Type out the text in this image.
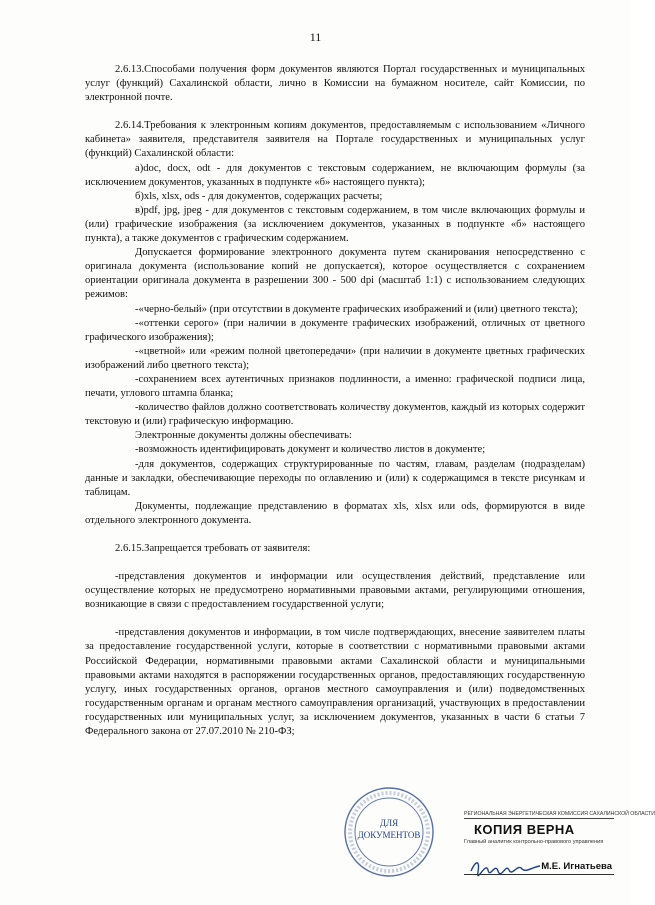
11

2.6.13.Способами получения форм документов являются Портал государственных и муниципальных услуг (функций) Сахалинской области, лично в Комиссии на бумажном носителе, сайт Комиссии, по электронной почте.

2.6.14.Требования к электронным копиям документов, предоставляемым с использованием «Личного кабинета» заявителя, представителя заявителя на Портале государственных и муниципальных услуг (функций) Сахалинской области:

а)doc, docx, odt - для документов с текстовым содержанием, не включающим формулы (за исключением документов, указанных в подпункте «б» настоящего пункта);

б)xls, xlsx, ods - для документов, содержащих расчеты;

в)pdf, jpg, jpeg - для документов с текстовым содержанием, в том числе включающих формулы и (или) графические изображения (за исключением документов, указанных в подпункте «б» настоящего пункта), а также документов с графическим содержанием.

Допускается формирование электронного документа путем сканирования непосредственно с оригинала документа (использование копий не допускается), которое осуществляется с сохранением ориентации оригинала документа в разрешении 300 - 500 dpi (масштаб 1:1) с использованием следующих режимов:

-«черно-белый» (при отсутствии в документе графических изображений и (или) цветного текста);

-«оттенки серого» (при наличии в документе графических изображений, отличных от цветного графического изображения);

-«цветной» или «режим полной цветопередачи» (при наличии в документе цветных графических изображений либо цветного текста);

-сохранением всех аутентичных признаков подлинности, а именно: графической подписи лица, печати, углового штампа бланка;

-количество файлов должно соответствовать количеству документов, каждый из которых содержит текстовую и (или) графическую информацию.

Электронные документы должны обеспечивать:

-возможность идентифицировать документ и количество листов в документе;

-для документов, содержащих структурированные по частям, главам, разделам (подразделам) данные и закладки, обеспечивающие переходы по оглавлению и (или) к содержащимся в тексте рисункам и таблицам.

Документы, подлежащие представлению в форматах xls, xlsx или ods, формируются в виде отдельного электронного документа.

2.6.15.Запрещается требовать от заявителя:

-представления документов и информации или осуществления действий, представление или осуществление которых не предусмотрено нормативными правовыми актами, регулирующими отношения, возникающие в связи с предоставлением государственной услуги;

-представления документов и информации, в том числе подтверждающих, внесение заявителем платы за предоставление государственной услуги, которые в соответствии с нормативными правовыми актами Российской Федерации, нормативными правовыми актами Сахалинской области и муниципальными правовыми актами находятся в распоряжении государственных органов, предоставляющих государственную услугу, иных государственных органов, органов местного самоуправления и (или) подведомственных государственным органам и органам местного самоуправления организаций, участвующих в предоставлении государственных или муниципальных услуг, за исключением документов, указанных в части 6 статьи 7 Федерального закона от 27.07.2010 № 210-ФЗ;

ДЛЯ
ДОКУМЕНТОВ
РЕГИОНАЛЬНАЯ ЭНЕРГЕТИЧЕСКАЯ КОМИССИЯ САХАЛИНСКОЙ ОБЛАСТИ
КОПИЯ ВЕРНА
Главный аналитик контрольно-правового управления
М.Е. Игнатьева
